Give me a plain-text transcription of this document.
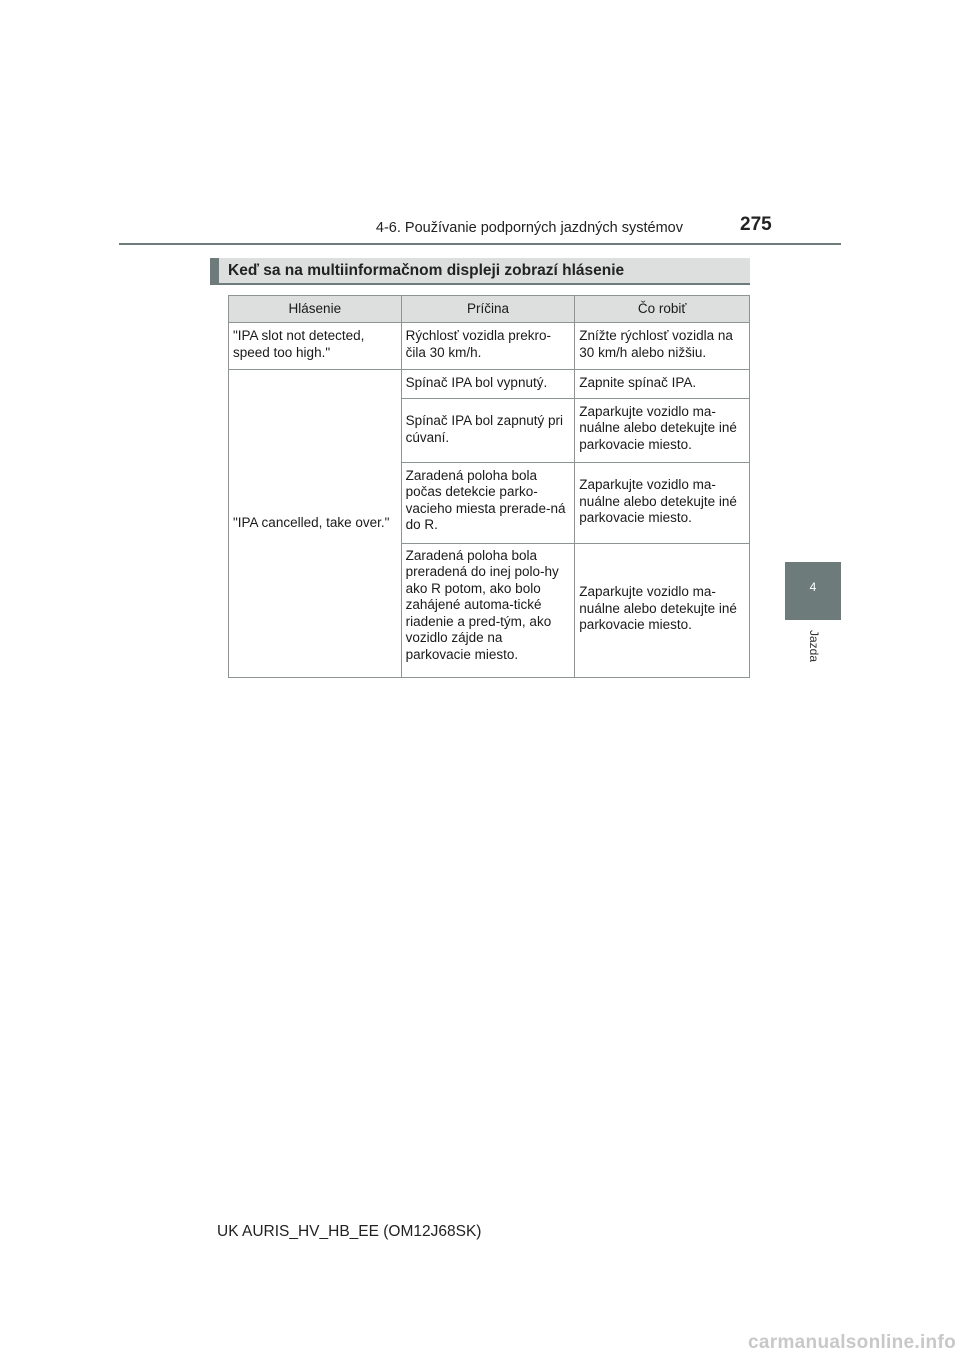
4-6. Používanie podporných jazdných systémov	275
4
Jazda
Keď sa na multiinformačnom displeji zobrazí hlásenie
Hlásenie	Príčina	Čo robiť
"IPA slot not detected, speed too high."	Rýchlosť vozidla prekro-čila 30 km/h.	Znížte rýchlosť vozidla na 30 km/h alebo nižšiu.
"IPA cancelled, take over."	Spínač IPA bol vypnutý.	Zapnite spínač IPA.
	Spínač IPA bol zapnutý pri cúvaní.	Zaparkujte vozidlo ma-nuálne alebo detekujte iné parkovacie miesto.
	Zaradená poloha bola počas detekcie parko-vacieho miesta prerade-ná do R.	Zaparkujte vozidlo ma-nuálne alebo detekujte iné parkovacie miesto.
	Zaradená poloha bola preradená do inej polo-hy ako R potom, ako bolo zahájené automa-tické riadenie a pred-tým, ako vozidlo zájde na parkovacie miesto.	Zaparkujte vozidlo ma-nuálne alebo detekujte iné parkovacie miesto.
UK AURIS_HV_HB_EE (OM12J68SK)
carmanualsonline.info
